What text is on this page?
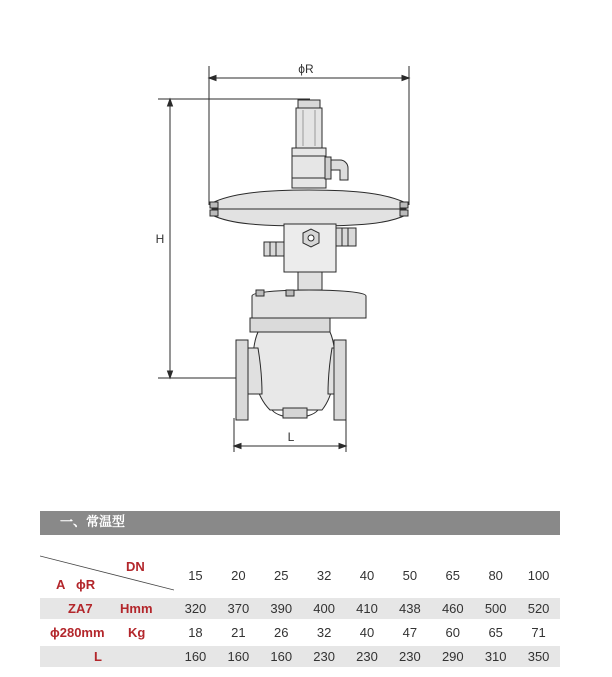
ϕR
H
L
一、常温型
DN
A ϕR
15	20	25	32	40	50	65	80	100
ZA7 Hmm	320	370	390	400	410	438	460	500	520
ϕ280mm Kg	18	21	26	32	40	47	60	65	71
L	160	160	160	230	230	230	290	310	350
